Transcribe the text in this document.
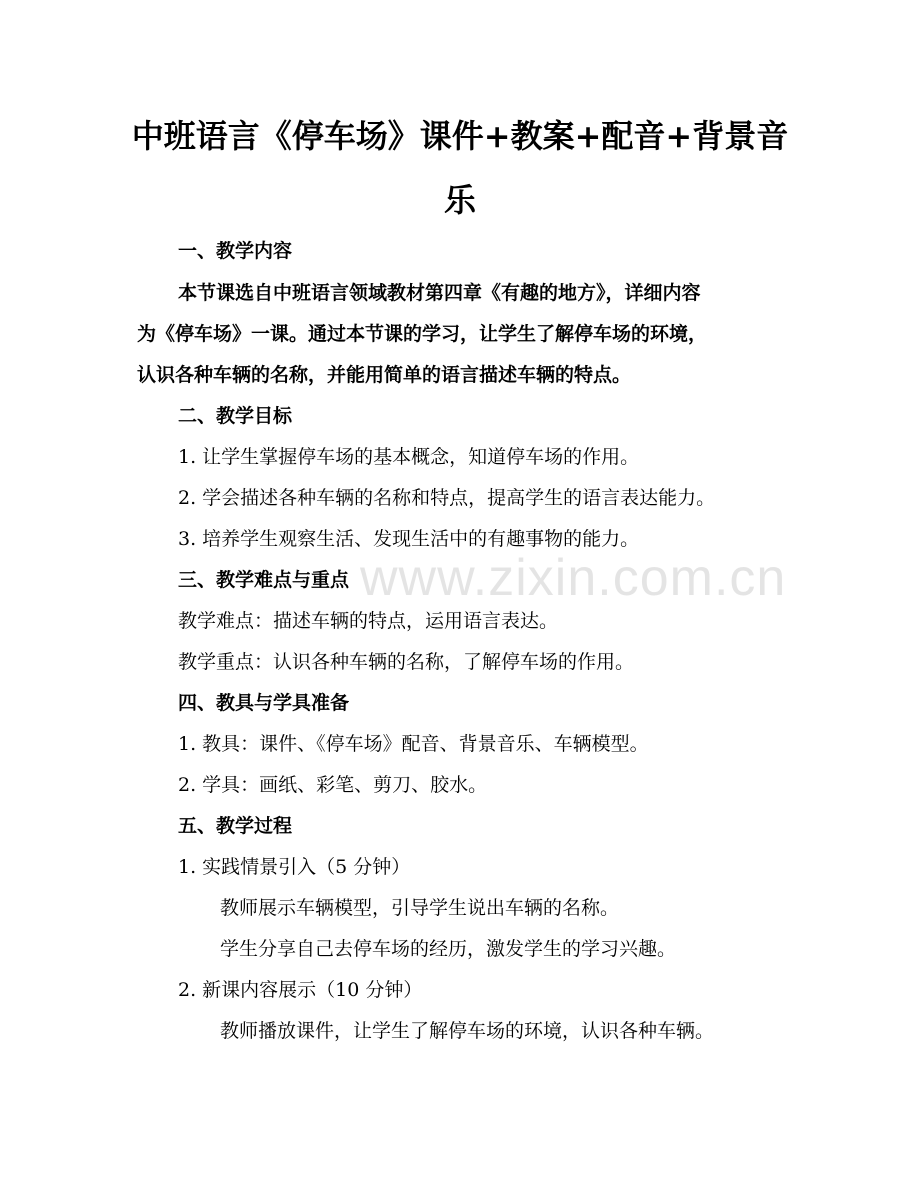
中班语言《停车场》课件+教案+配音+背景音乐
www.zixin.com.cn
一、教学内容
本节课选自中班语言领域教材第四章《有趣的地方》，详细内容
为《停车场》一课。通过本节课的学习，让学生了解停车场的环境，
认识各种车辆的名称，并能用简单的语言描述车辆的特点。
二、教学目标
1. 让学生掌握停车场的基本概念，知道停车场的作用。
2. 学会描述各种车辆的名称和特点，提高学生的语言表达能力。
3. 培养学生观察生活、发现生活中的有趣事物的能力。
三、教学难点与重点
教学难点：描述车辆的特点，运用语言表达。
教学重点：认识各种车辆的名称，了解停车场的作用。
四、教具与学具准备
1. 教具：课件、《停车场》配音、背景音乐、车辆模型。
2. 学具：画纸、彩笔、剪刀、胶水。
五、教学过程
1. 实践情景引入（5 分钟）
教师展示车辆模型，引导学生说出车辆的名称。
学生分享自己去停车场的经历，激发学生的学习兴趣。
2. 新课内容展示（10 分钟）
教师播放课件，让学生了解停车场的环境，认识各种车辆。
